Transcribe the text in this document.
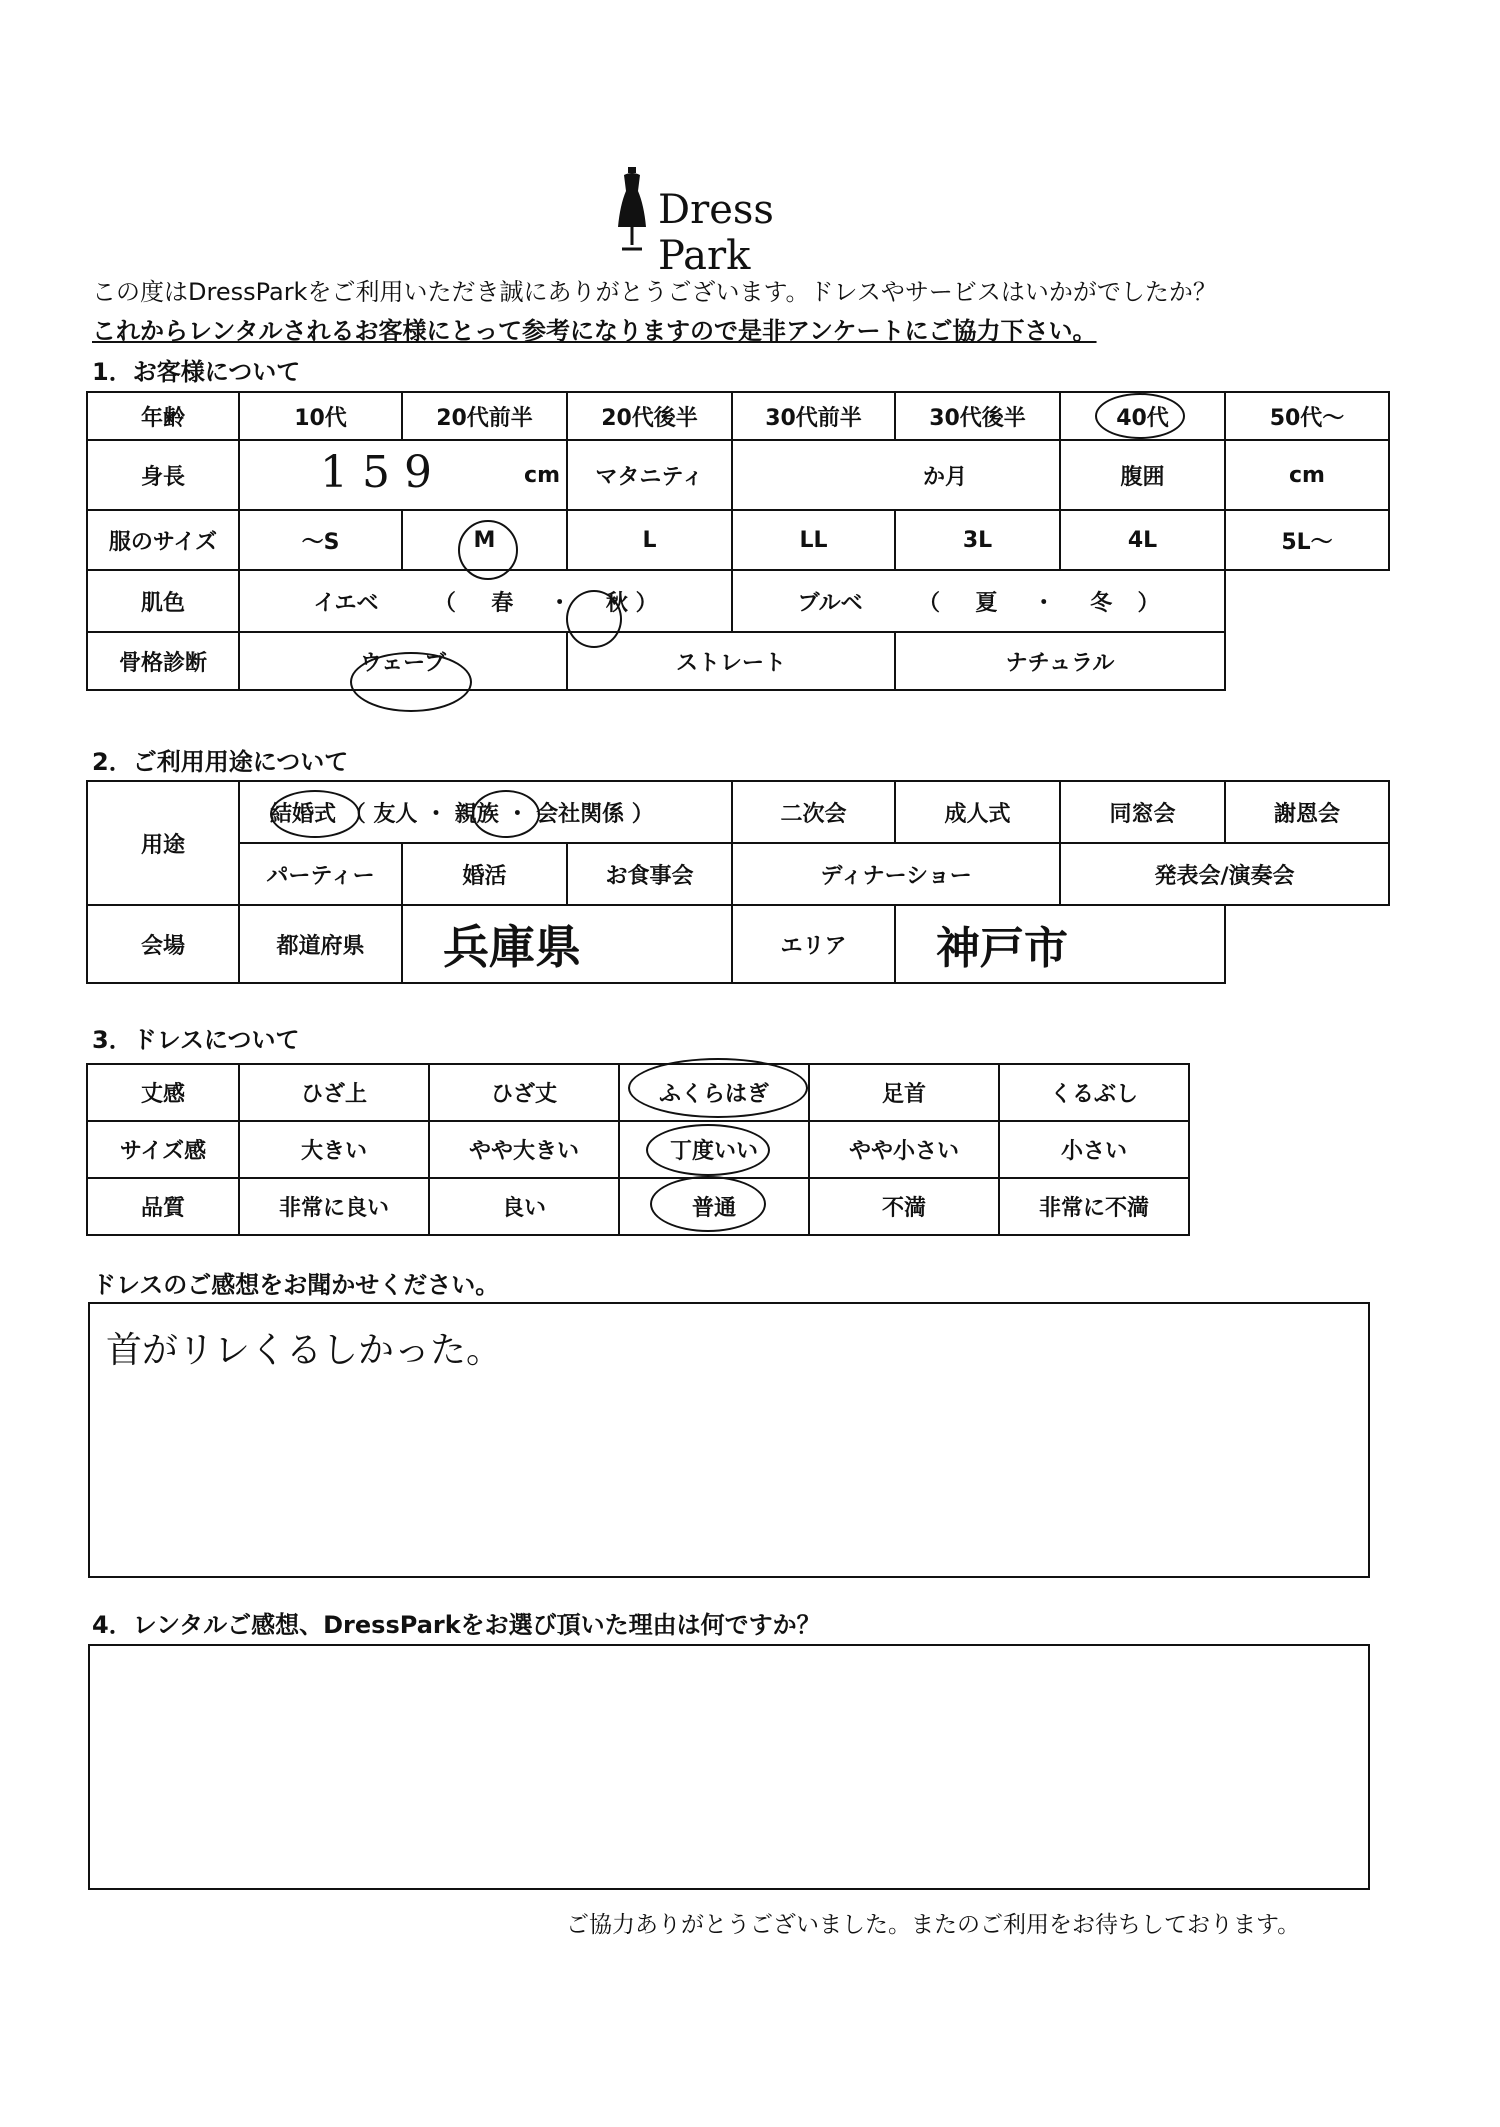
Dress Park
この度はDressParkをご利用いただき誠にありがとうございます。ドレスやサービスはいかがでしたか？
これからレンタルされるお客様にとって参考になりますので是非アンケートにご協力下さい。
1．お客様について
年齢	10代	20代前半	20代後半	30代前半	30代後半	40代	50代～
身長	159 cm		マタニティ	か月		腹囲	cm
服のサイズ	～S	M	L	LL	3L	4L	5L～
肌色	イエベ （ 春 ・ 秋 ）			ブルベ （ 夏 ・ 冬 ）			
骨格診断	ウェーブ		ストレート		ナチュラル		
2．ご利用用途について
用途	結婚式 （ 友人 ・ 親族 ・ 会社関係 ）			二次会	成人式	同窓会	謝恩会
	パーティー	婚活	お食事会	ディナーショー		発表会/演奏会	
会場	都道府県	兵庫県		エリア	神戸市		
3．ドレスについて
丈感	ひざ上	ひざ丈	ふくらはぎ	足首	くるぶし
サイズ感	大きい	やや大きい	丁度いい	やや小さい	小さい
品質	非常に良い	良い	普通	不満	非常に不満
ドレスのご感想をお聞かせください。
首がリレくるしかった。
4．レンタルご感想、DressParkをお選び頂いた理由は何ですか？
ご協力ありがとうございました。またのご利用をお待ちしております。
